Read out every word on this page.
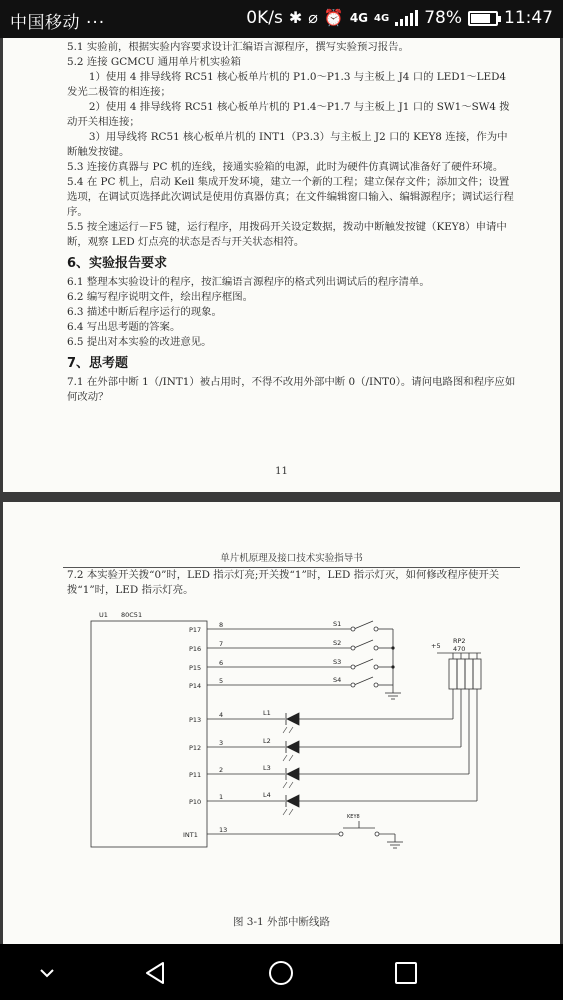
中国移动 ···	0K/s ✱ ⌀ ⏰ 4G 4G 78% 11:47

5.1 实验前，根据实验内容要求设计汇编语言源程序，撰写实验预习报告。

5.2 连接 GCMCU 通用单片机实验箱

1）使用 4 排导线将 RC51 核心板单片机的 P1.0～P1.3 与主板上 J4 口的 LED1～LED4 发光二极管的相连接；

2）使用 4 排导线将 RC51 核心板单片机的 P1.4～P1.7 与主板上 J1 口的 SW1～SW4 拨动开关相连接；

3）用导线将 RC51 核心板单片机的 INT1（P3.3）与主板上 J2 口的 KEY8 连接，作为中断触发按键。

5.3 连接仿真器与 PC 机的连线，接通实验箱的电源，此时为硬件仿真调试准备好了硬件环境。

5.4 在 PC 机上，启动 Keil 集成开发环境，建立一个新的工程；建立保存文件；添加文件；设置选项，在调试页选择此次调试是使用仿真器仿真；在文件编辑窗口输入、编辑源程序；调试运行程序。

5.5 按全速运行－F5 键，运行程序，用拨码开关设定数据，拨动中断触发按键（KEY8）申请中断，观察 LED 灯点亮的状态是否与开关状态相符。

6、实验报告要求

6.1 整理本实验设计的程序，按汇编语言源程序的格式列出调试后的程序清单。

6.2 编写程序说明文件，绘出程序框图。

6.3 描述中断后程序运行的现象。

6.4 写出思考题的答案。

6.5 提出对本实验的改进意见。

7、思考题

7.1 在外部中断 1（/INT1）被占用时，不得不改用外部中断 0（/INT0）。请问电路图和程序应如何改动？

11
单片机原理及接口技术实验指导书
7.2 本实验开关拨“0”时，LED 指示灯亮;开关拨“1”时，LED 指示灯灭，如何修改程序使开关拨“1”时，LED 指示灯亮。
U1 80C51
P17
P16
P15
P14
P13
P12
P11
P10
INT1
8
7
6
5
4
3
2
1
13
S1
S2
S3
S4
L1
L2
L3
L4
+5
RP2
470
KEY8
图 3-1 外部中断线路
